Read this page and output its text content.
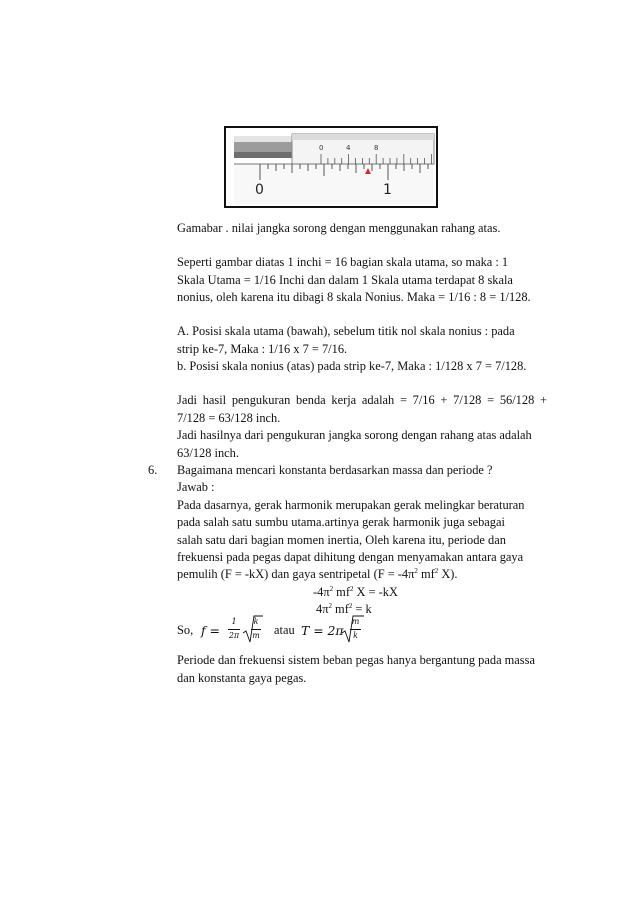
0	4	8
0	1
Gamabar . nilai jangka sorong dengan menggunakan rahang atas.
Seperti gambar diatas 1 inchi = 16 bagian skala utama, so maka : 1
Skala Utama = 1/16 Inchi dan dalam 1 Skala utama terdapat 8 skala
nonius, oleh karena itu dibagi 8 skala Nonius. Maka = 1/16 : 8 = 1/128.
A. Posisi skala utama (bawah), sebelum titik nol skala nonius : pada
strip ke-7, Maka : 1/16 x 7 = 7/16.
b. Posisi skala nonius (atas) pada strip ke-7, Maka : 1/128 x 7 = 7/128.
Jadi hasil pengukuran benda kerja adalah = 7/16 + 7/128 = 56/128 +
7/128 = 63/128 inch.
Jadi hasilnya dari pengukuran jangka sorong dengan rahang atas adalah
63/128 inch.
6. Bagaimana mencari konstanta berdasarkan massa dan periode ?
Jawab :
Pada dasarnya, gerak harmonik merupakan gerak melingkar beraturan
pada salah satu sumbu utama.artinya gerak harmonik juga sebagai
salah satu dari bagian momen inertia, Oleh karena itu, periode dan
frekuensi pada pegas dapat dihitung dengan menyamakan antara gaya
pemulih (F = -kX) dan gaya sentripetal ($F = -4\pi^2$ $mf^2$ X).
$-4\pi^2$ $mf^2$ X = -kX
$4\pi^2$ $mf^2 = k$
So, f =
1
2π
k
m atau T = 2π
m
k
Periode dan frekuensi sistem beban pegas hanya bergantung pada massa
dan konstanta gaya pegas.
